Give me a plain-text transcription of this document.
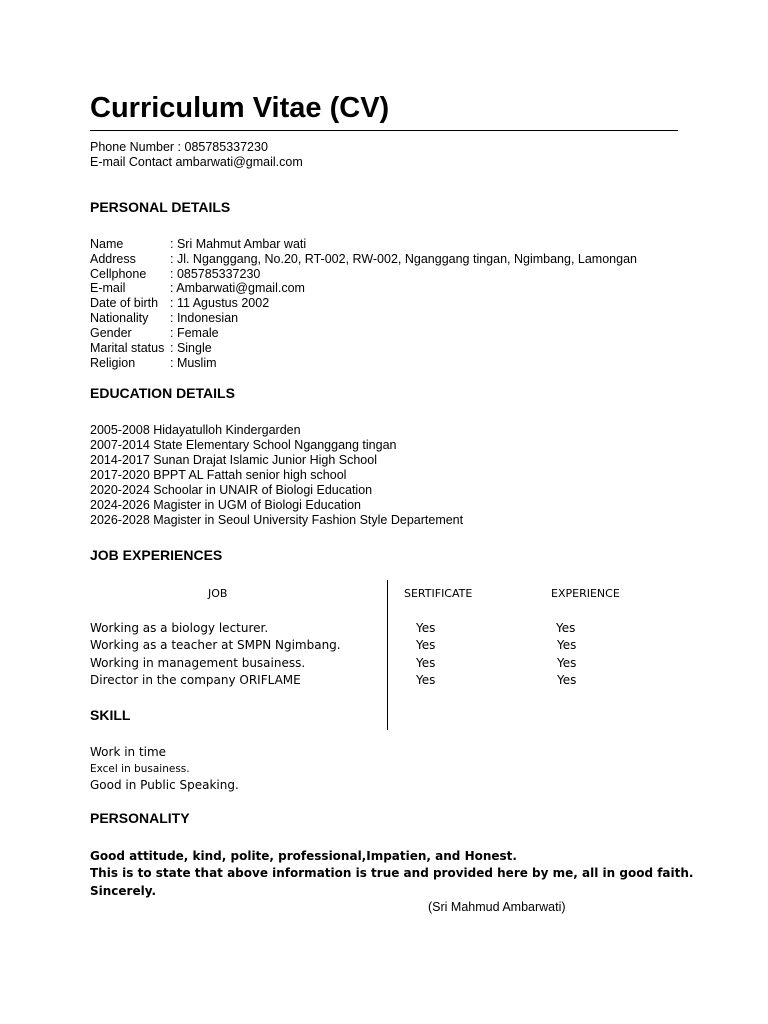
Curriculum Vitae (CV)
Phone Number : 085785337230
E-mail Contact ambarwati@gmail.com
PERSONAL DETAILS
Name	: Sri Mahmut Ambar wati
Address	: Jl. Nganggang, No.20, RT-002, RW-002, Nganggang tingan, Ngimbang, Lamongan
Cellphone : 085785337230
E-mail	: Ambarwati@gmail.com
Date of birth : 11 Agustus 2002
Nationality : Indonesian
Gender	: Female
Marital status : Single
Religion	: Muslim
EDUCATION DETAILS
2005-2008 Hidayatulloh Kindergarden
2007-2014 State Elementary School Nganggang tingan
2014-2017 Sunan Drajat Islamic Junior High School
2017-2020 BPPT AL Fattah senior high school
2020-2024 Schoolar in UNAIR of Biologi Education
2024-2026 Magister in UGM of Biologi Education
2026-2028 Magister in Seoul University Fashion Style Departement
JOB EXPERIENCES
JOB	SERTIFICATE	EXPERIENCE
Working as a biology lecturer.	Yes	Yes
Working as a teacher at SMPN Ngimbang.	Yes	Yes
Working in management busainess.	Yes	Yes
Director in the company ORIFLAME	Yes	Yes
SKILL
Work in time
Excel in busainess.
Good in Public Speaking.
PERSONALITY
Good attitude, kind, polite, professional,Impatien, and Honest.
This is to state that above information is true and provided here by me, all in good faith.
Sincerely.
(Sri Mahmud Ambarwati)
